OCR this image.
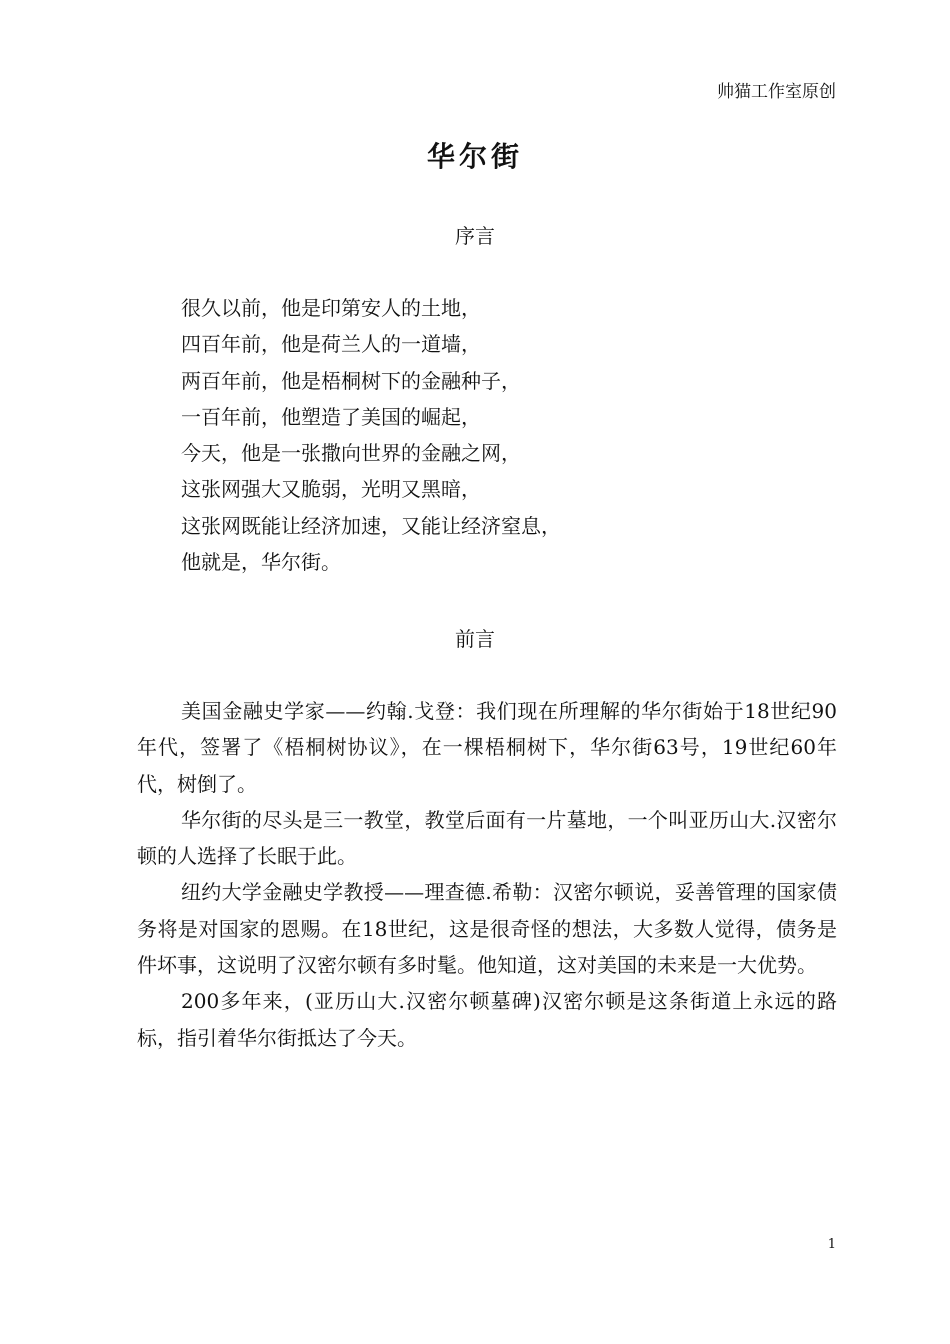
帅猫工作室原创
华尔街
序言
很久以前，他是印第安人的土地，
四百年前，他是荷兰人的一道墙，
两百年前，他是梧桐树下的金融种子，
一百年前，他塑造了美国的崛起，
今天，他是一张撒向世界的金融之网，
这张网强大又脆弱，光明又黑暗，
这张网既能让经济加速，又能让经济窒息，
他就是，华尔街。
前言

美国金融史学家——约翰.戈登：我们现在所理解的华尔街始于18世纪90年代，签署了《梧桐树协议》，在一棵梧桐树下，华尔街63号，19世纪60年代，树倒了。

华尔街的尽头是三一教堂，教堂后面有一片墓地，一个叫亚历山大.汉密尔顿的人选择了长眠于此。

纽约大学金融史学教授——理查德.希勒：汉密尔顿说，妥善管理的国家债务将是对国家的恩赐。在18世纪，这是很奇怪的想法，大多数人觉得，债务是件坏事，这说明了汉密尔顿有多时髦。他知道，这对美国的未来是一大优势。

200多年来，(亚历山大.汉密尔顿墓碑)汉密尔顿是这条街道上永远的路标，指引着华尔街抵达了今天。

1
